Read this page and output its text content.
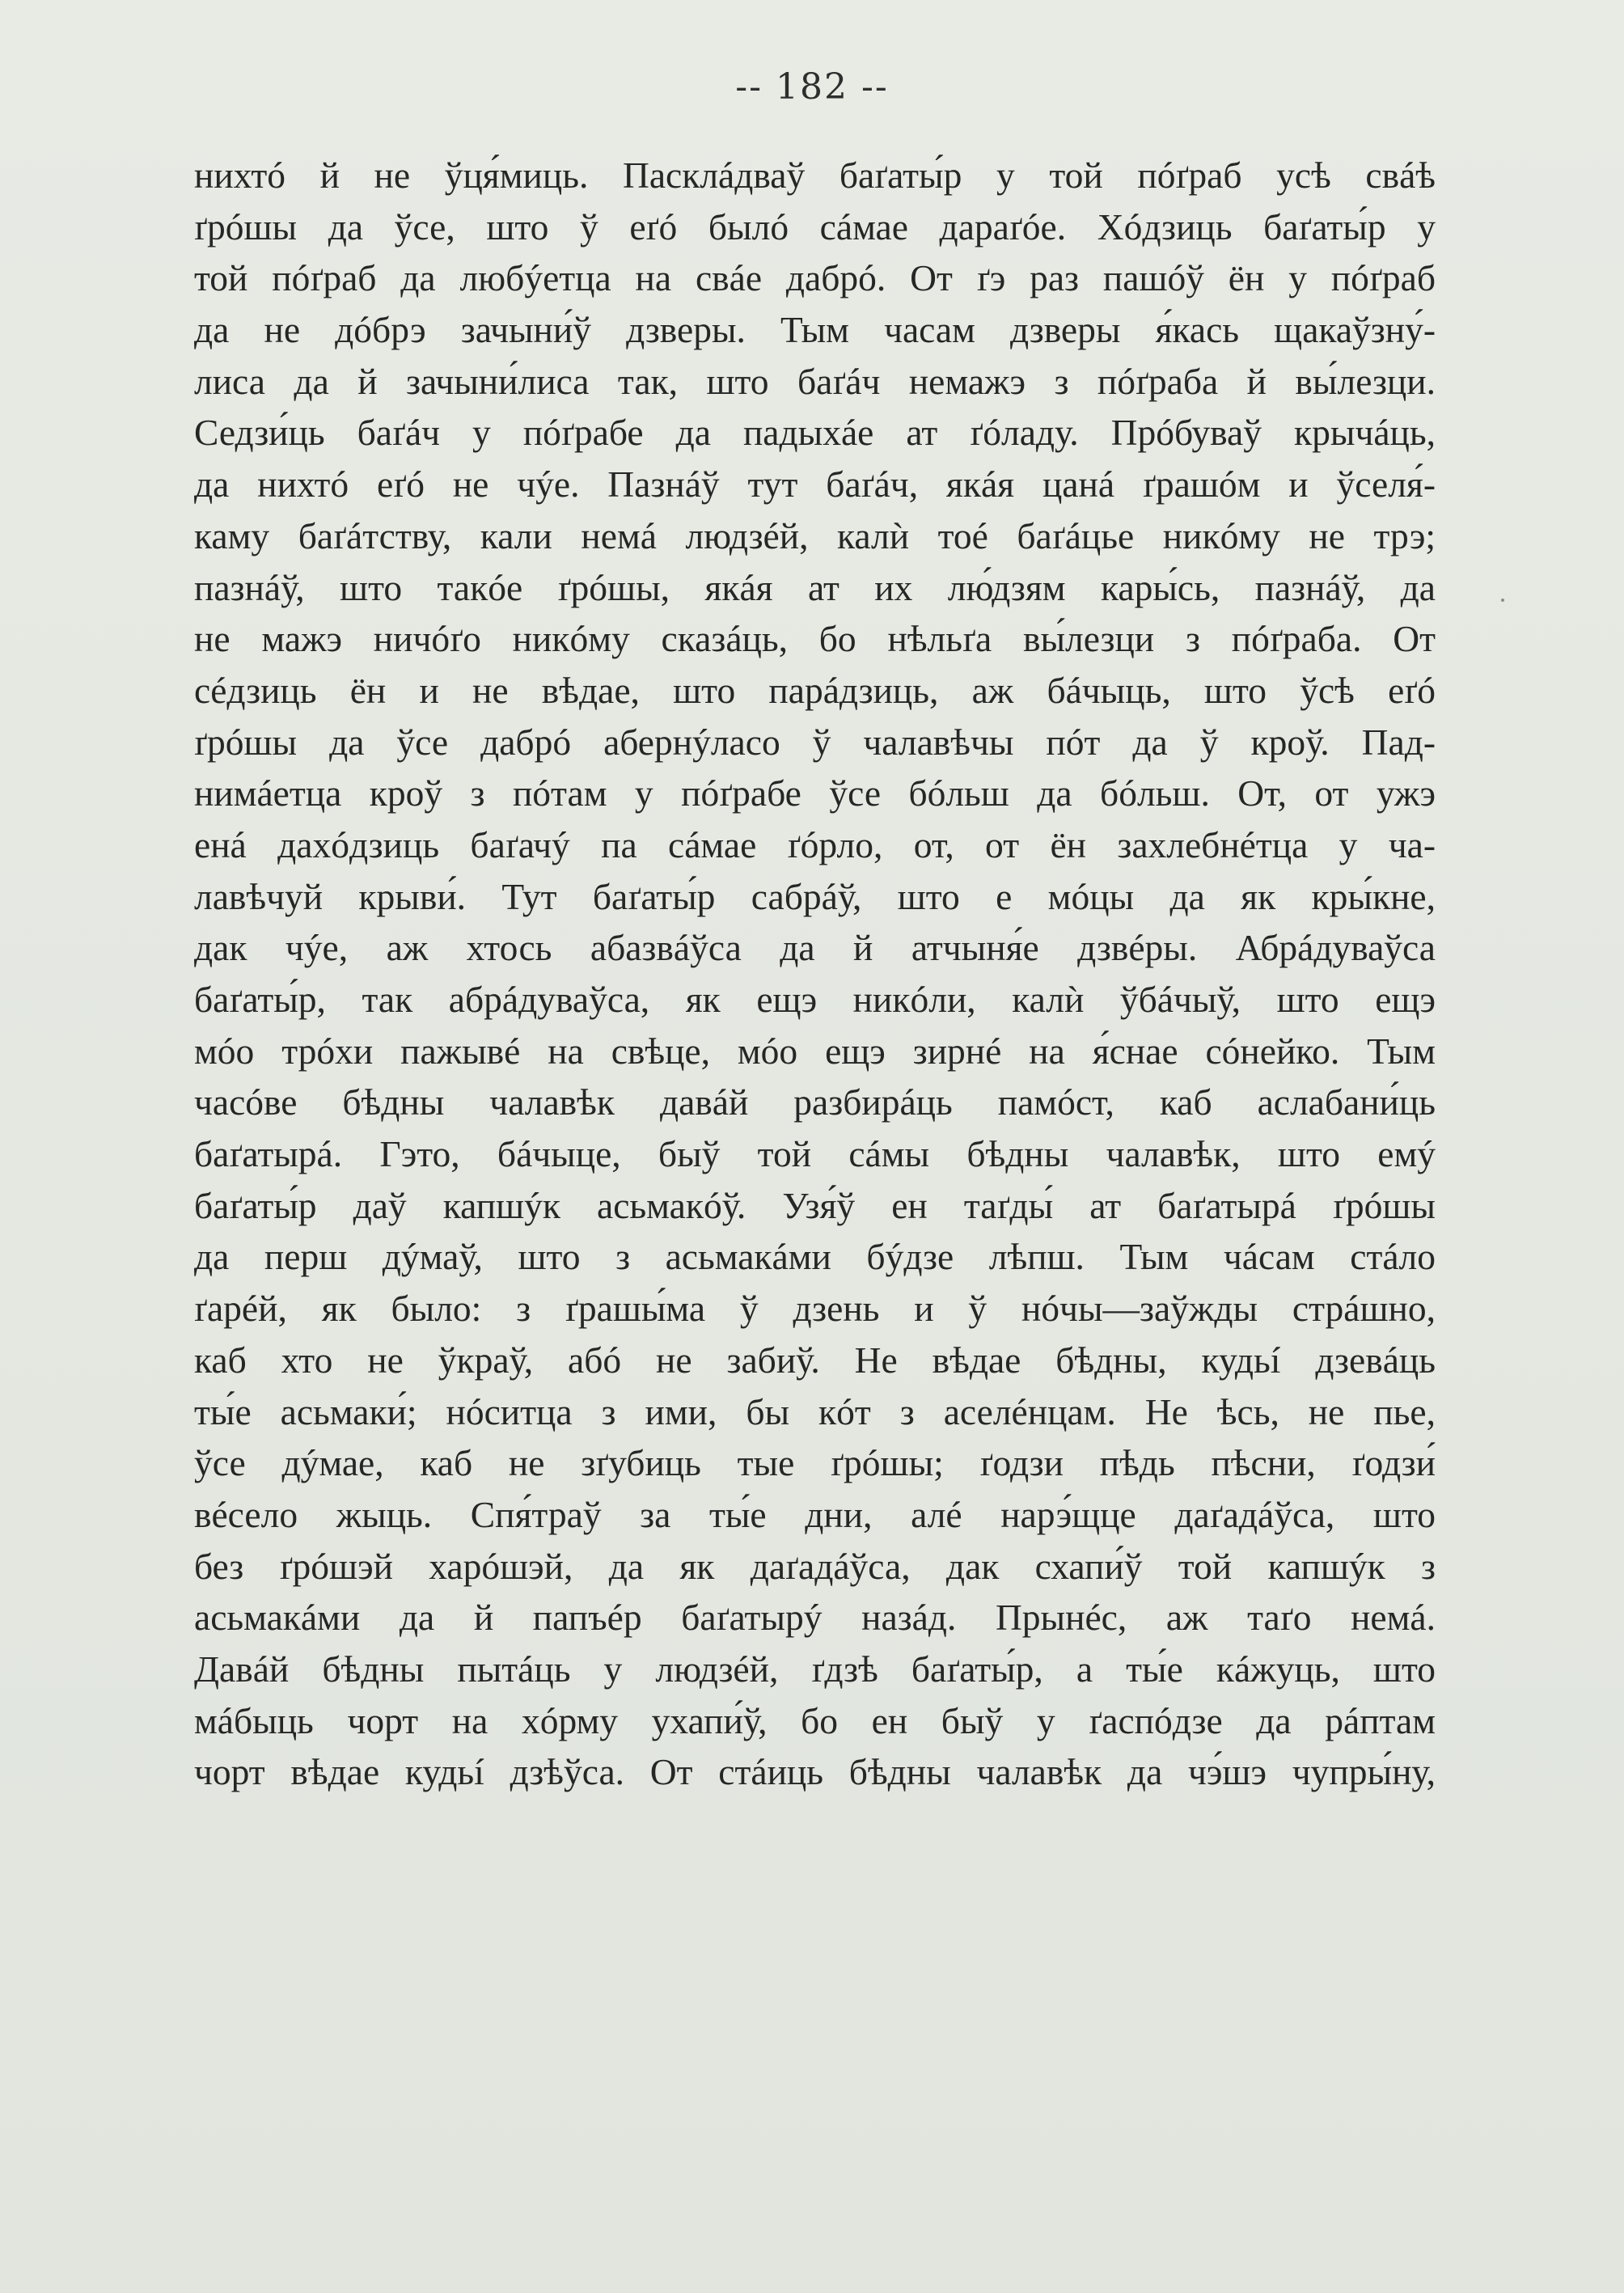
-- 182 --
нихтó й не ўця́миць. Пасклáдваў баґаты́р у той пóґраб усѣ свáѣ
ґрóшы да ўсе, што ў еґó былó сáмае дараґóе. Хóдзиць баґаты́р у
той пóґраб да любýетца на свáе дабрó. От ґэ раз пашóў ён у пóґраб
да не дóбрэ зачыни́ў дзверы. Тым часам дзверы я́кась щакаўзну́-
лиса да й зачыни́лиса так, што баґáч немажэ з пóґраба й вы́лезци.
Седзи́ць баґáч у пóґрабе да падыхáе ат ґóладу. Прóбуваў крычáць,
да нихтó еґó не чýе. Пазнáў тут баґáч, якáя цанá ґрашóм и ўселя́-
каму баґáтству, кали немá людзéй, калѝ тоé баґáцье никóму не трэ;
пазнáў, што такóе ґрóшы, якáя ат их лю́дзям кары́сь, пазнáў, да
не мажэ ничóґо никóму сказáць, бо нѣльґа вы́лезци з пóґраба. От
сéдзиць ён и не вѣдае, што парáдзиць, аж бáчыць, што ўсѣ еґó
ґрóшы да ўсе дабрó абернýласо ў чалавѣчы пóт да ў кроў. Пад-
нимáетца кроў з пóтам у пóґрабе ўсе бóльш да бóльш. От, от ужэ
енá дахóдзиць баґачý па сáмае ґóрло, от, от ён захлебнéтца у ча-
лавѣчуй крыви́. Тут баґаты́р сабрáў, што е мóцы да як кры́кне,
дак чýе, аж хтось абазвáўса да й атчыня́е дзвéры. Абрáдуваўса
баґаты́р, так абрáдуваўса, як ещэ никóли, калѝ ўбáчыў, што ещэ
мóо трóхи пажывé на свѣце, мóо ещэ зирнé на я́снае сóнейко. Тым
часóве бѣдны чалавѣк давáй разбирáць памóст, каб аслабани́ць
баґатырá. Гэто, бáчыце, быў той сáмы бѣдны чалавѣк, што емý
баґаты́р даў капшýк асьмакóў. Узя́ў ен таґды́ ат баґатырá ґрóшы
да перш дýмаў, што з асьмакáми бýдзе лѣпш. Тым чáсам стáло
ґарéй, як было: з ґрашы́ма ў дзень и ў нóчы—заўжды стрáшно,
каб хто не ўкраў, абó не забиў. Не вѣдае бѣдны, кудьí дзевáць
ты́е асьмаки́; нóситца з ими, бы кóт з аселéнцам. Не ѣсь, не пье,
ўсе дýмае, каб не зґубиць тые ґрóшы; ґодзи пѣдь пѣсни, ґодзи́
вéсело жыць. Спя́траў за ты́е дни, алé нарэ́щце даґадáўса, што
без ґрóшэй харóшэй, да як даґадáўса, дак схапи́ў той капшýк з
асьмакáми да й папъéр баґатырý назáд. Прынéс, аж таґо немá.
Давáй бѣдны пытáць у людзéй, ґдзѣ баґаты́р, а ты́е кáжуць, што
мáбыць чорт на хóрму ухапи́ў, бо ен быў у ґаспóдзе да рáптам
чорт вѣдае кудьí дзѣўса. От стáиць бѣдны чалавѣк да чэ́шэ чупры́ну,
